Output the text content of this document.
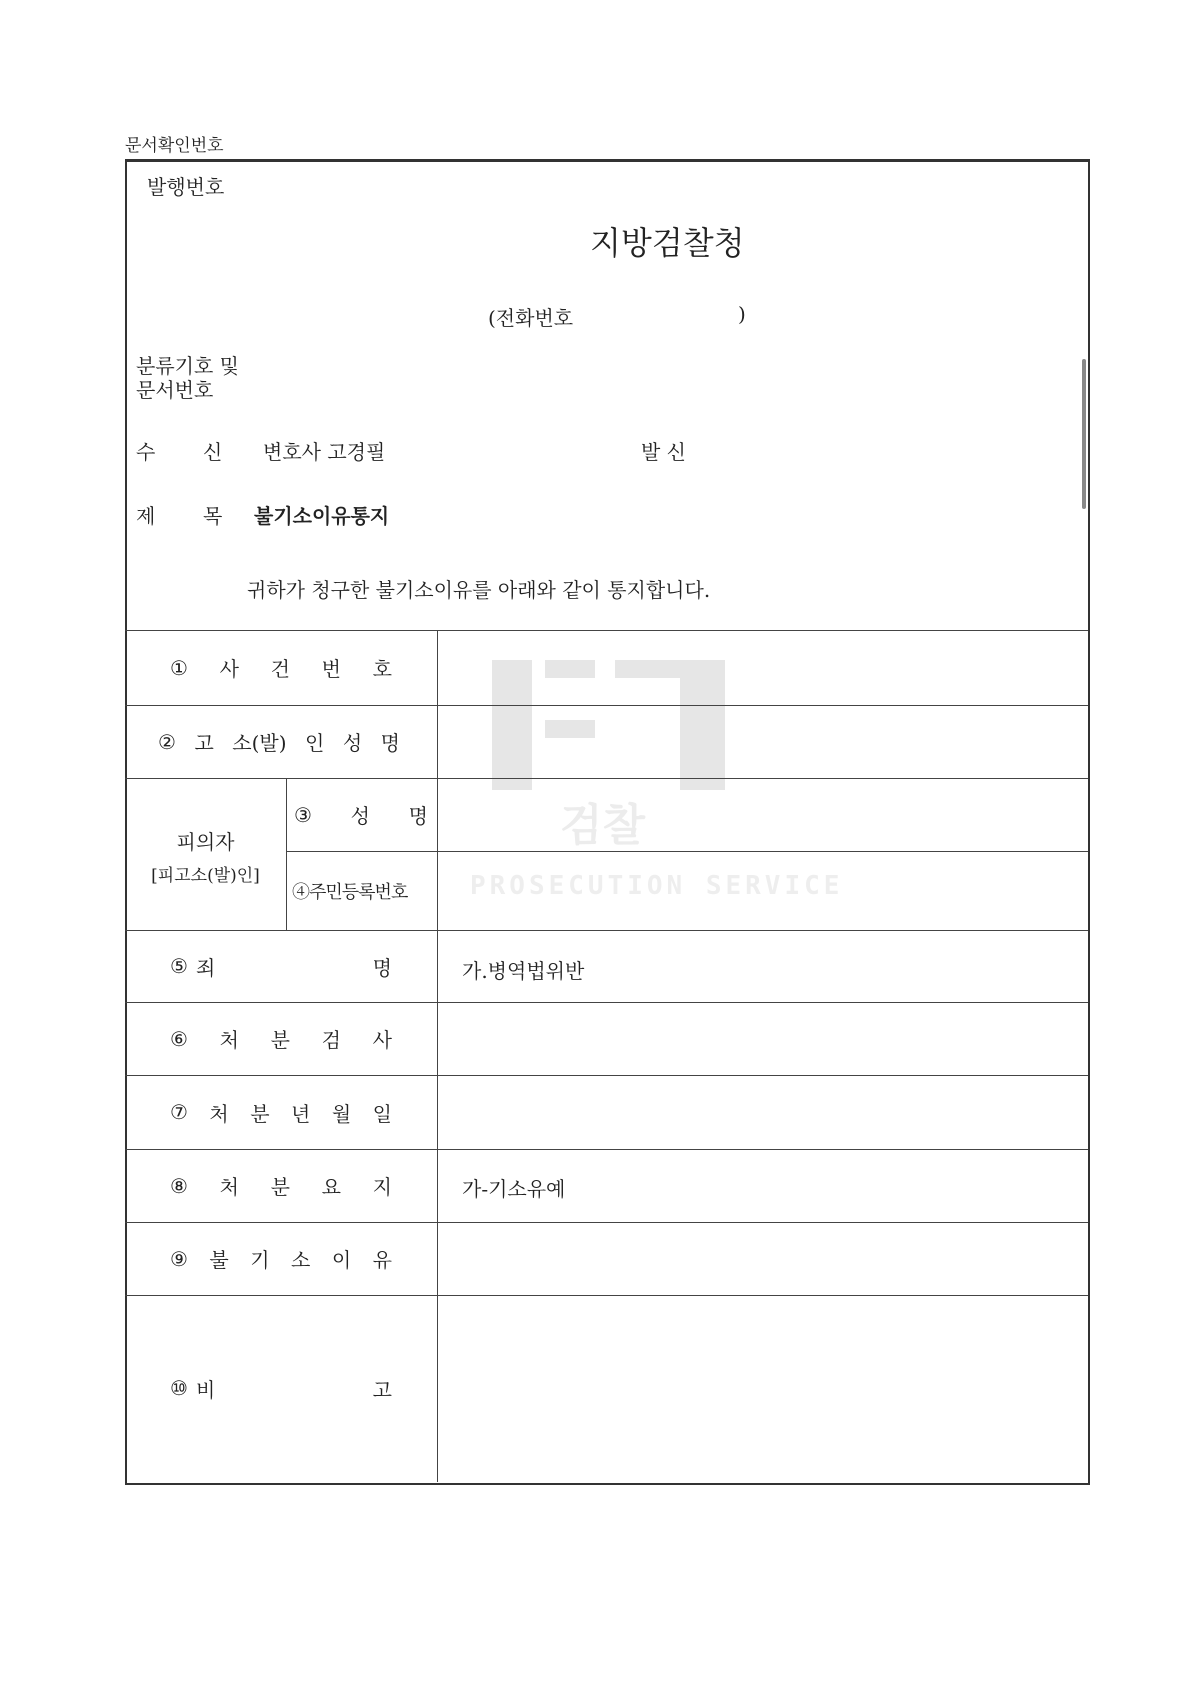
문서확인번호
검찰
PROSECUTION SERVICE
발행번호
지방검찰청
(전화번호	)
분류기호 및
문서번호
수 신 변호사 고경필	발 신
제 목 불기소이유통지
귀하가 청구한 불기소이유를 아래와 같이 통지합니다.
① 사 건 번 호
② 고 소(발) 인 성 명
피의자
[피고소(발)인]
③ 성 명
④주민등록번호
⑤ 죄	명	가.병역법위반
⑥ 처 분 검 사
⑦ 처 분 년 월 일
⑧ 처 분 요 지	가-기소유예
⑨ 불 기 소 이 유
⑩ 비	고
